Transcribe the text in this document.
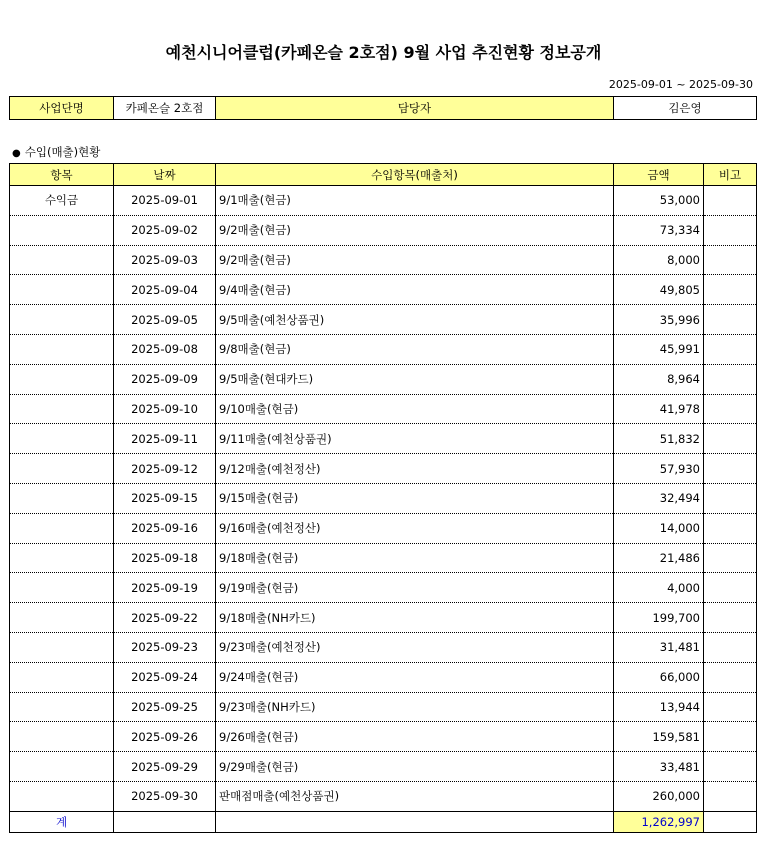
예천시니어클럽(카페온슬 2호점) 9월 사업 추진현황 정보공개
2025-09-01 ~ 2025-09-30
사업단명	카페온슬 2호점	담당자	김은영
● 수입(매출)현황
항목	날짜	수입항목(매출처)	금액	비고
수익금	2025-09-01	9/1매출(현금)	53,000	
	2025-09-02	9/2매출(현금)	73,334	
	2025-09-03	9/2매출(현금)	8,000	
	2025-09-04	9/4매출(현금)	49,805	
	2025-09-05	9/5매출(예천상품권)	35,996	
	2025-09-08	9/8매출(현금)	45,991	
	2025-09-09	9/5매출(현대카드)	8,964	
	2025-09-10	9/10매출(현금)	41,978	
	2025-09-11	9/11매출(예천상품권)	51,832	
	2025-09-12	9/12매출(예천정산)	57,930	
	2025-09-15	9/15매출(현금)	32,494	
	2025-09-16	9/16매출(예천정산)	14,000	
	2025-09-18	9/18매출(현금)	21,486	
	2025-09-19	9/19매출(현금)	4,000	
	2025-09-22	9/18매출(NH카드)	199,700	
	2025-09-23	9/23매출(예천정산)	31,481	
	2025-09-24	9/24매출(현금)	66,000	
	2025-09-25	9/23매출(NH카드)	13,944	
	2025-09-26	9/26매출(현금)	159,581	
	2025-09-29	9/29매출(현금)	33,481	
	2025-09-30	판매점매출(예천상품권)	260,000	
계			1,262,997	
